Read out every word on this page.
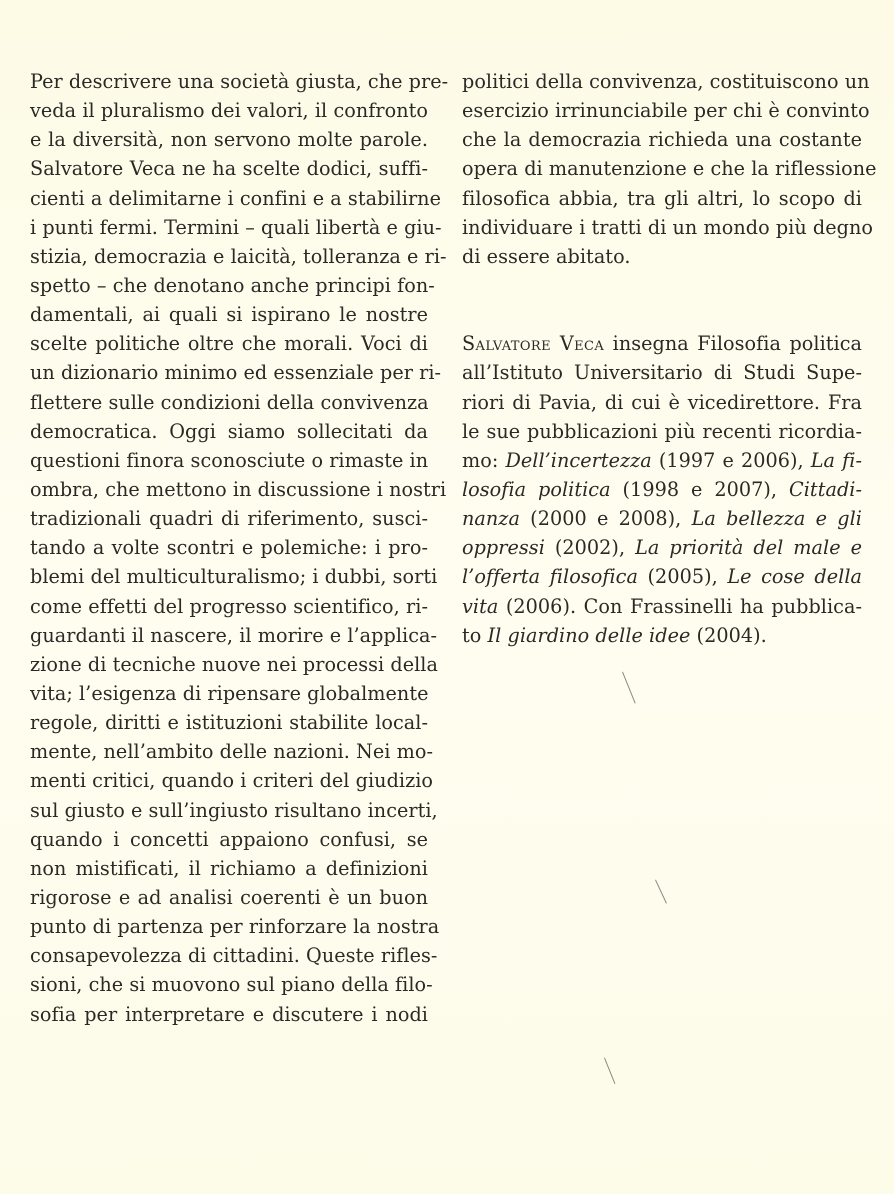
Per descrivere una società giusta, che pre-
veda il pluralismo dei valori, il confronto
e la diversità, non servono molte parole.
Salvatore Veca ne ha scelte dodici, suffi-
cienti a delimitarne i confini e a stabilirne
i punti fermi. Termini – quali libertà e giu-
stizia, democrazia e laicità, tolleranza e ri-
spetto – che denotano anche principi fon-
damentali, ai quali si ispirano le nostre
scelte politiche oltre che morali. Voci di
un dizionario minimo ed essenziale per ri-
flettere sulle condizioni della convivenza
democratica. Oggi siamo sollecitati da
questioni finora sconosciute o rimaste in
ombra, che mettono in discussione i nostri
tradizionali quadri di riferimento, susci-
tando a volte scontri e polemiche: i pro-
blemi del multiculturalismo; i dubbi, sorti
come effetti del progresso scientifico, ri-
guardanti il nascere, il morire e l’applica-
zione di tecniche nuove nei processi della
vita; l’esigenza di ripensare globalmente
regole, diritti e istituzioni stabilite local-
mente, nell’ambito delle nazioni. Nei mo-
menti critici, quando i criteri del giudizio
sul giusto e sull’ingiusto risultano incerti,
quando i concetti appaiono confusi, se
non mistificati, il richiamo a definizioni
rigorose e ad analisi coerenti è un buon
punto di partenza per rinforzare la nostra
consapevolezza di cittadini. Queste rifles-
sioni, che si muovono sul piano della filo-
sofia per interpretare e discutere i nodi
politici della convivenza, costituiscono un
esercizio irrinunciabile per chi è convinto
che la democrazia richieda una costante
opera di manutenzione e che la riflessione
filosofica abbia, tra gli altri, lo scopo di
individuare i tratti di un mondo più degno
di essere abitato.
Salvatore Veca insegna Filosofia politica
all’Istituto Universitario di Studi Supe-
riori di Pavia, di cui è vicedirettore. Fra
le sue pubblicazioni più recenti ricordia-
mo: Dell’incertezza (1997 e 2006), La fi-
losofia politica (1998 e 2007), Cittadi-
nanza (2000 e 2008), La bellezza e gli
oppressi (2002), La priorità del male e
l’offerta filosofica (2005), Le cose della
vita (2006). Con Frassinelli ha pubblica-
to Il giardino delle idee (2004).
